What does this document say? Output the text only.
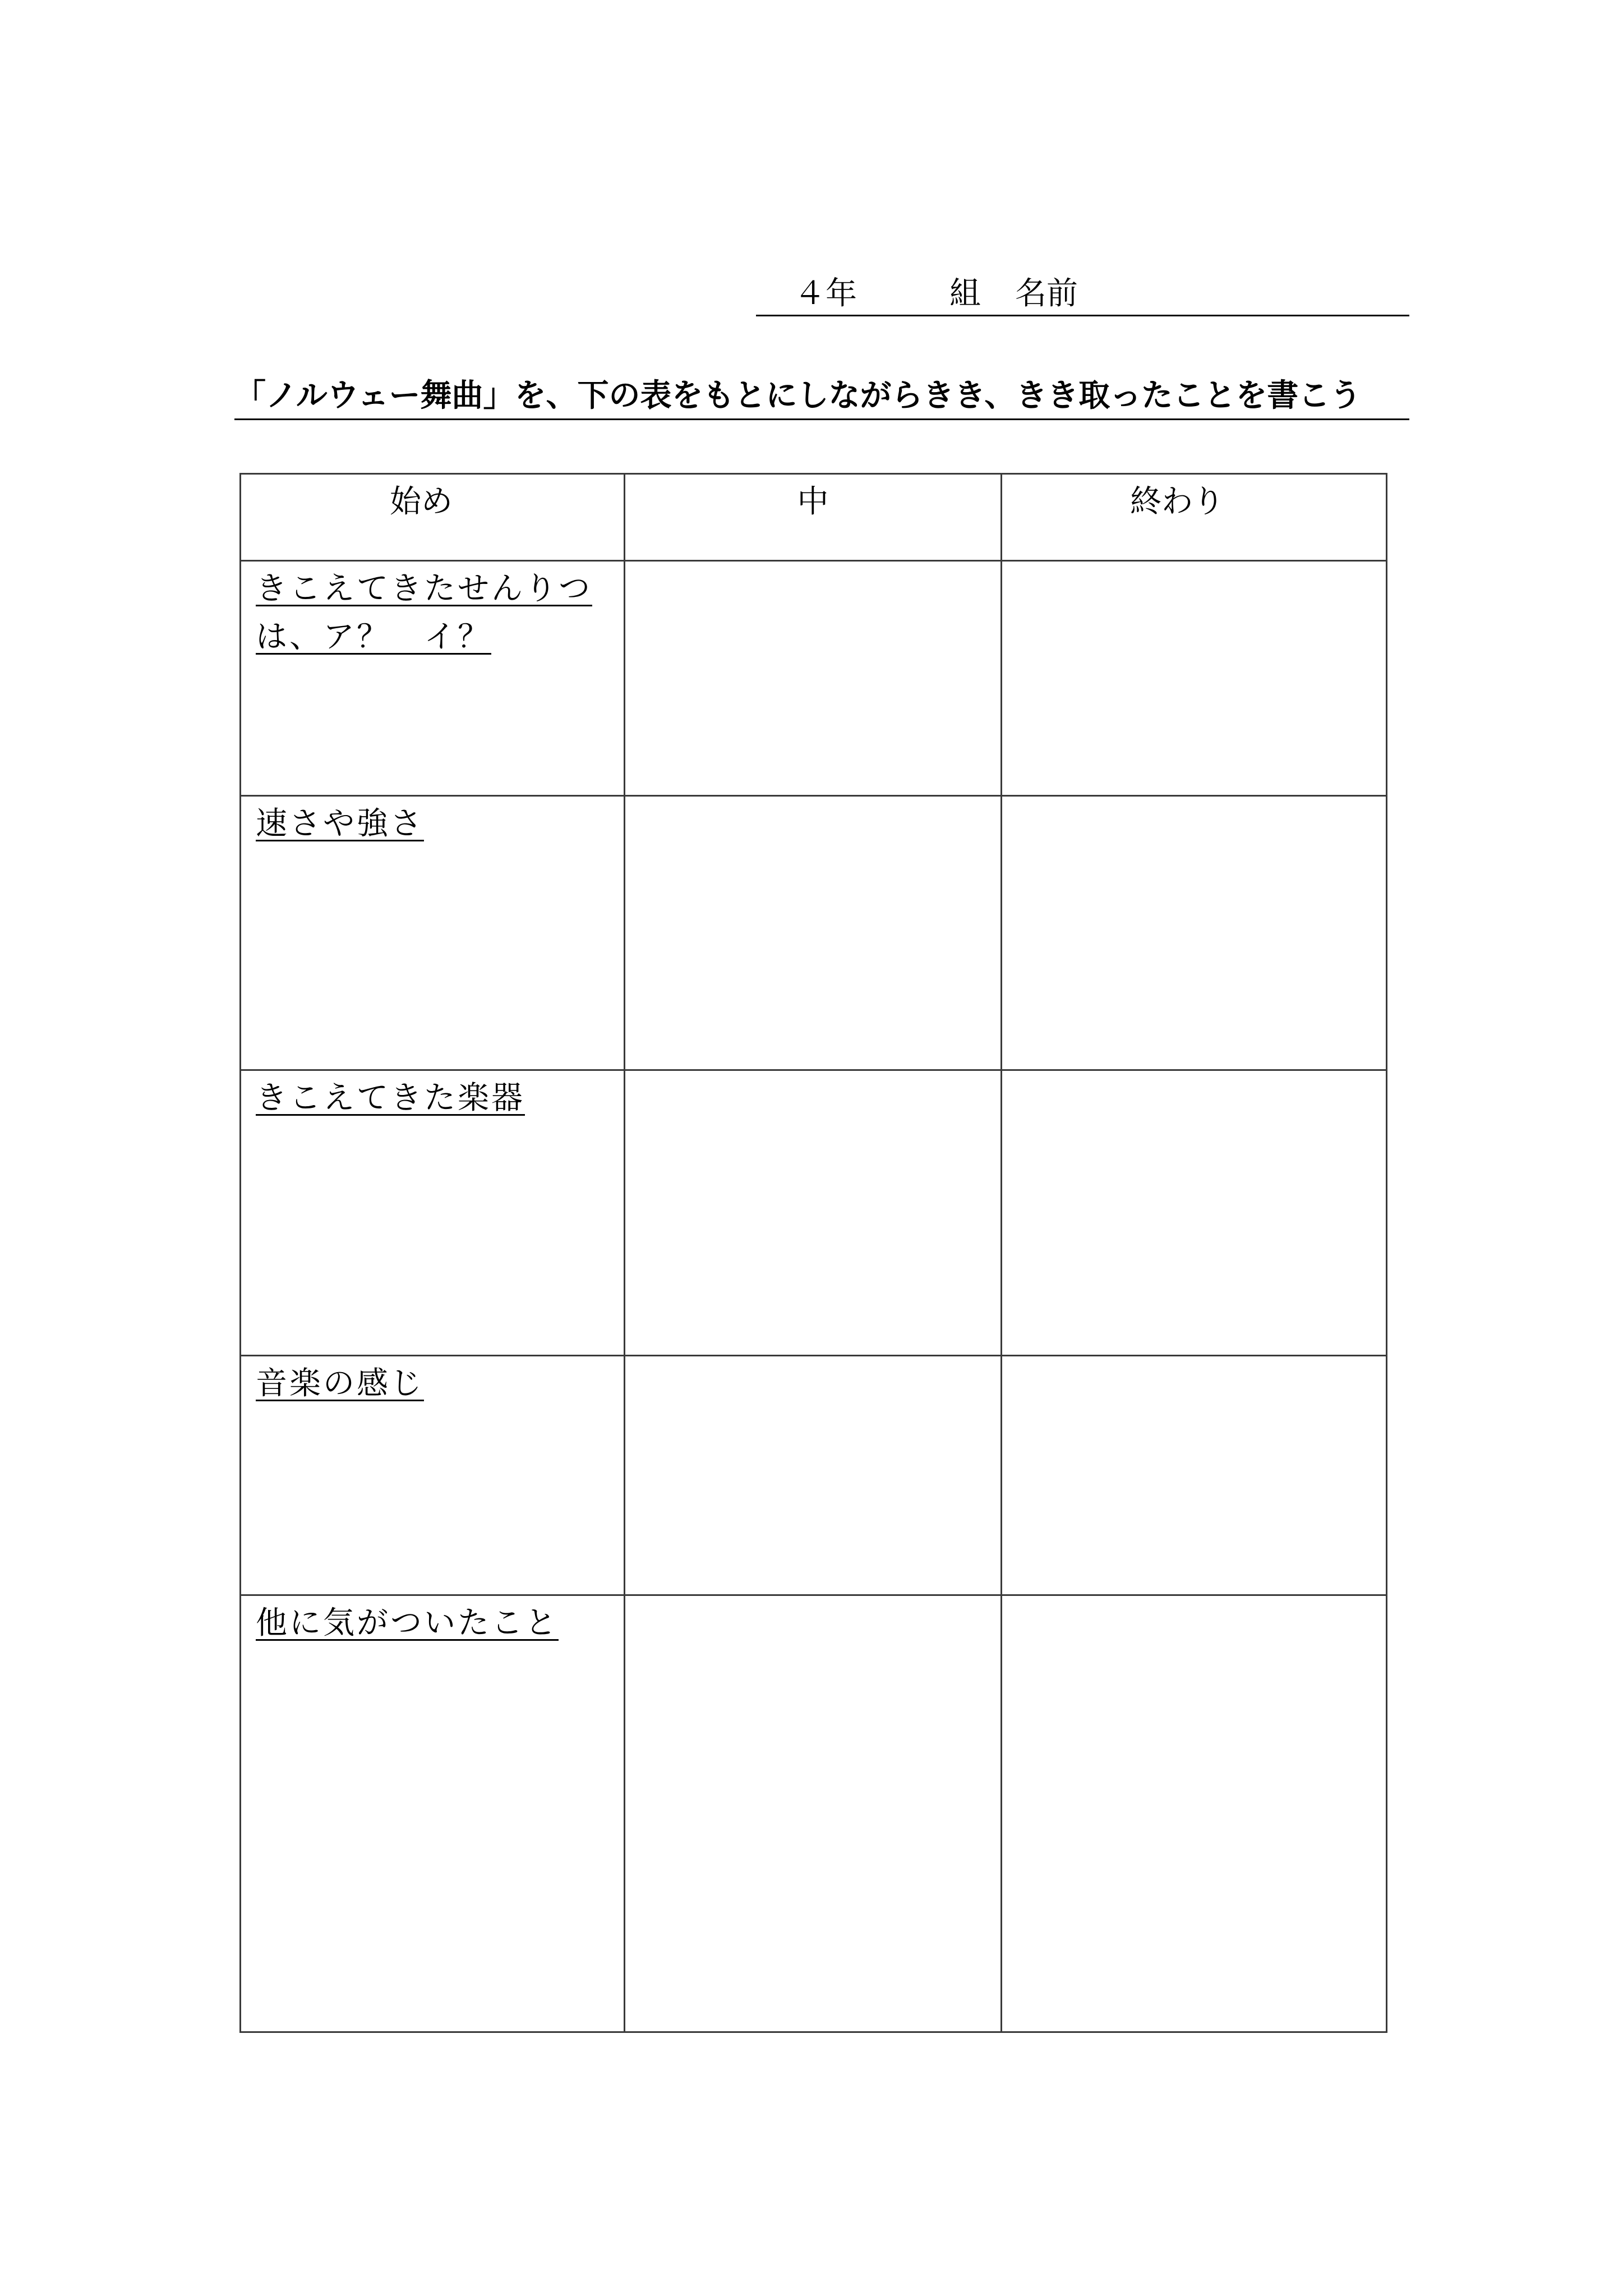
４年	組 名前
「ノルウェー舞曲」を、下の表をもとにしながらきき、きき取ったことを書こう
始め	中	終わり
きこえてきたせんりつは、ア？　イ？		
速さや強さ		
きこえてきた楽器		
音楽の感じ		
他に気がついたこと		
